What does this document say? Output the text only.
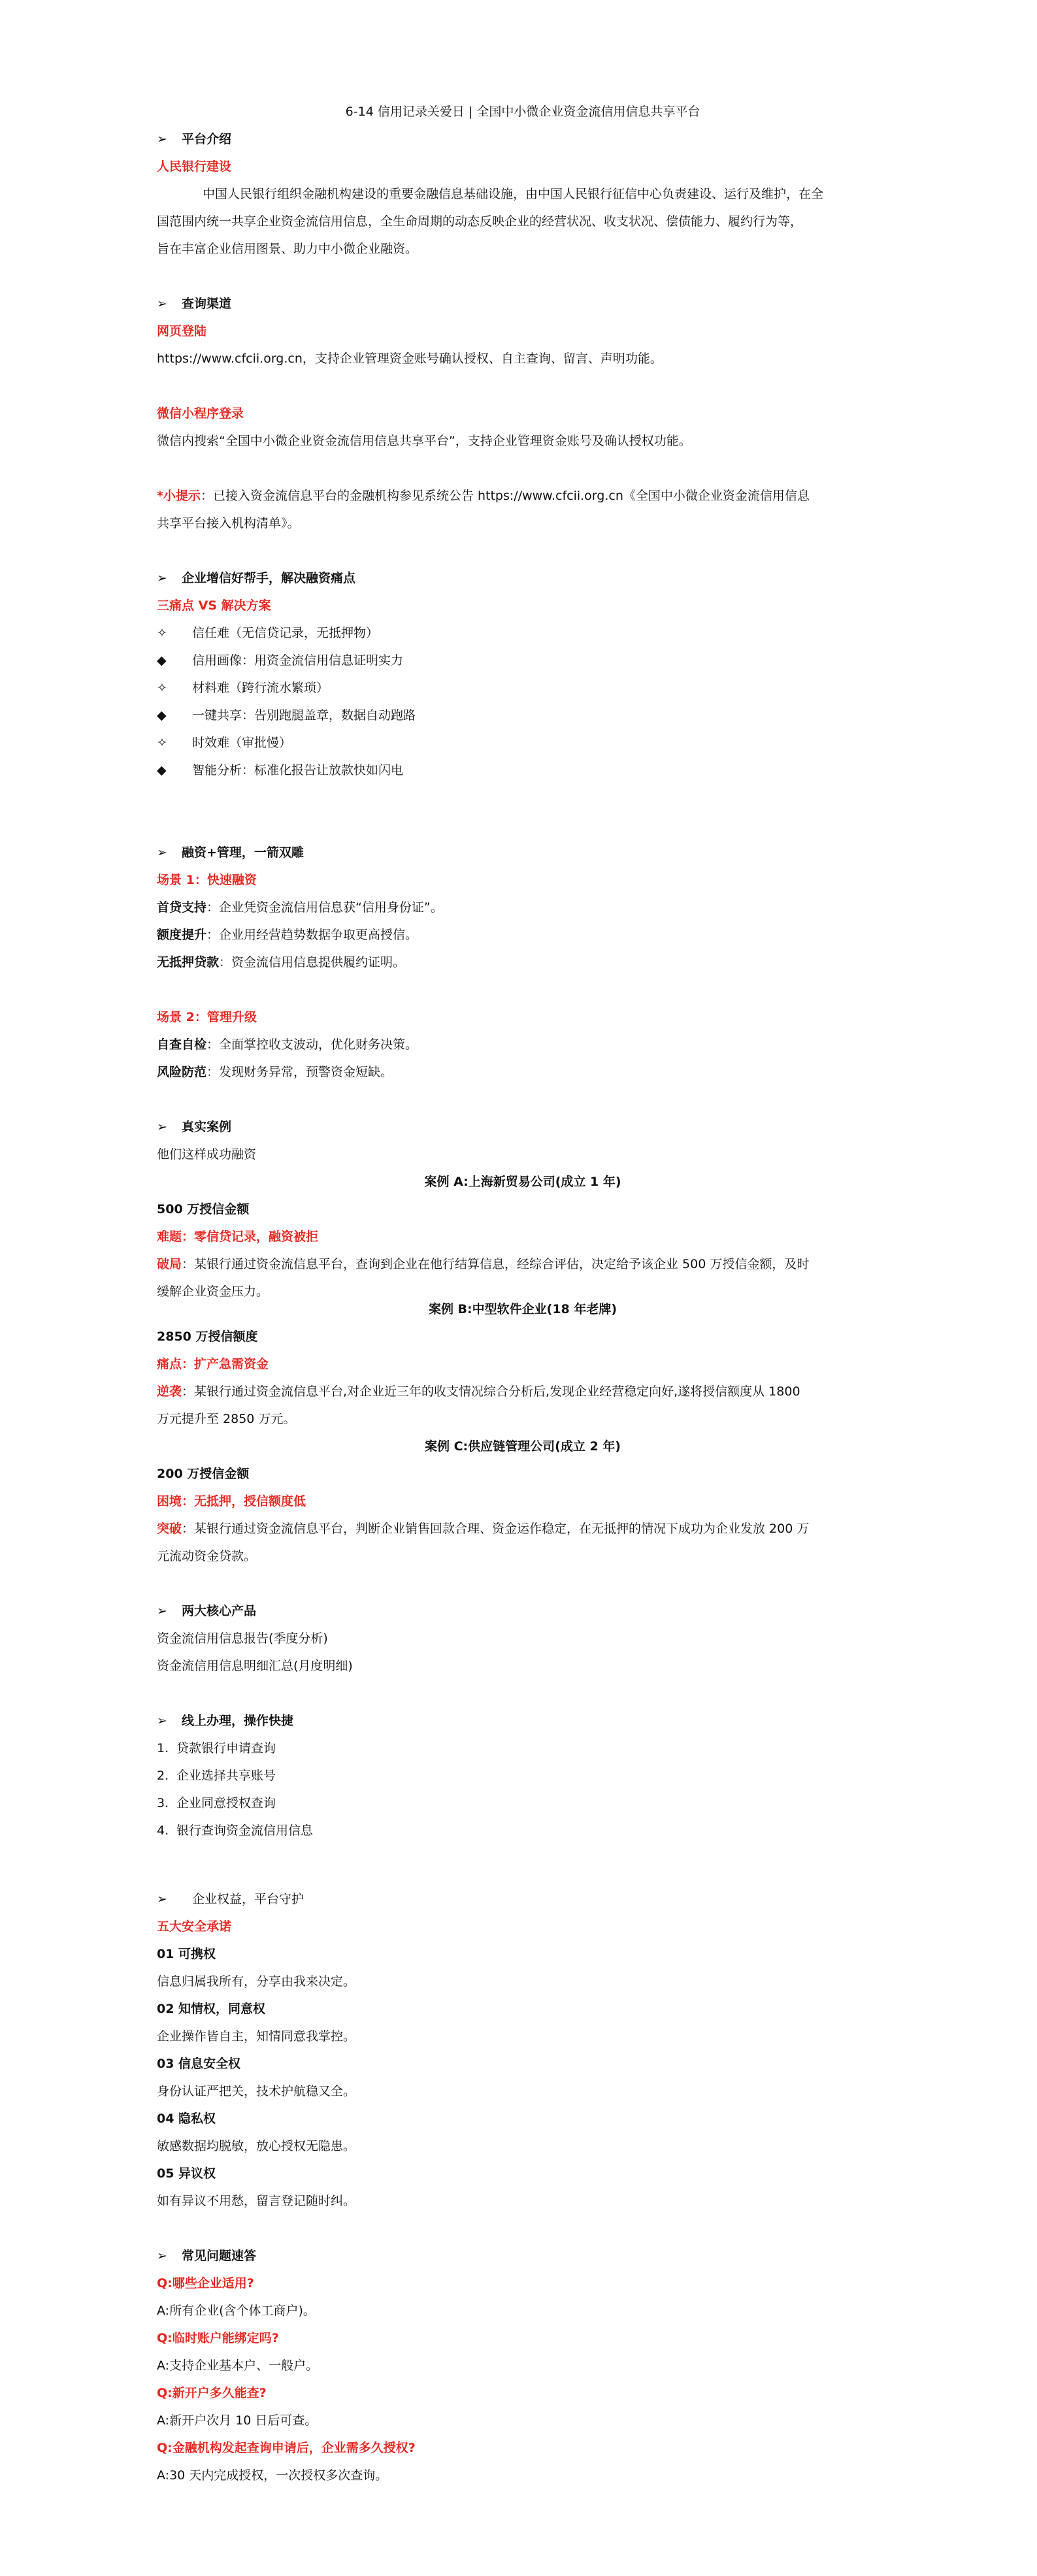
6-14 信用记录关爱日 | 全国中小微企业资金流信用信息共享平台
➢ 平台介绍
人民银行建设
中国人民银行组织金融机构建设的重要金融信息基础设施，由中国人民银行征信中心负责建设、运行及维护，在全
国范围内统一共享企业资金流信用信息，全生命周期的动态反映企业的经营状况、收支状况、偿债能力、履约行为等，
旨在丰富企业信用图景、助力中小微企业融资。
➢ 查询渠道
网页登陆
https://www.cfcii.org.cn，支持企业管理资金账号确认授权、自主查询、留言、声明功能。
微信小程序登录
微信内搜索“全国中小微企业资金流信用信息共享平台”，支持企业管理资金账号及确认授权功能。
*小提示：已接入资金流信息平台的金融机构参见系统公告 https://www.cfcii.org.cn《全国中小微企业资金流信用信息
共享平台接入机构清单》。
➢ 企业增信好帮手，解决融资痛点
三痛点 VS 解决方案
✧ 信任难（无信贷记录，无抵押物）
◆ 信用画像：用资金流信用信息证明实力
✧ 材料难（跨行流水繁琐）
◆ 一键共享：告别跑腿盖章，数据自动跑路
✧ 时效难（审批慢）
◆ 智能分析：标准化报告让放款快如闪电
➢ 融资+管理，一箭双雕
场景 1：快速融资
首贷支持：企业凭资金流信用信息获“信用身份证”。
额度提升：企业用经营趋势数据争取更高授信。
无抵押贷款：资金流信用信息提供履约证明。
场景 2：管理升级
自查自检：全面掌控收支波动，优化财务决策。
风险防范：发现财务异常，预警资金短缺。
➢ 真实案例
他们这样成功融资
案例 A:上海新贸易公司(成立 1 年)
500 万授信金额
难题：零信贷记录，融资被拒
破局：某银行通过资金流信息平台，查询到企业在他行结算信息，经综合评估，决定给予该企业 500 万授信金额，及时
缓解企业资金压力。
案例 B:中型软件企业(18 年老牌)
2850 万授信额度
痛点：扩产急需资金
逆袭：某银行通过资金流信息平台,对企业近三年的收支情况综合分析后,发现企业经营稳定向好,遂将授信额度从 1800
万元提升至 2850 万元。
案例 C:供应链管理公司(成立 2 年)
200 万授信金额
困境：无抵押，授信额度低
突破：某银行通过资金流信息平台，判断企业销售回款合理、资金运作稳定，在无抵押的情况下成功为企业发放 200 万
元流动资金贷款。
➢ 两大核心产品
资金流信用信息报告(季度分析)
资金流信用信息明细汇总(月度明细)
➢ 线上办理，操作快捷
1. 贷款银行申请查询
2. 企业选择共享账号
3. 企业同意授权查询
4. 银行查询资金流信用信息
➢ 企业权益，平台守护
五大安全承诺
01 可携权
信息归属我所有，分享由我来决定。
02 知情权，同意权
企业操作皆自主，知情同意我掌控。
03 信息安全权
身份认证严把关，技术护航稳又全。
04 隐私权
敏感数据均脱敏，放心授权无隐患。
05 异议权
如有异议不用愁，留言登记随时纠。
➢ 常见问题速答
Q:哪些企业适用?
A:所有企业(含个体工商户)。
Q:临时账户能绑定吗?
A:支持企业基本户、一般户。
Q:新开户多久能查?
A:新开户次月 10 日后可查。
Q:金融机构发起查询申请后，企业需多久授权?
A:30 天内完成授权，一次授权多次查询。
